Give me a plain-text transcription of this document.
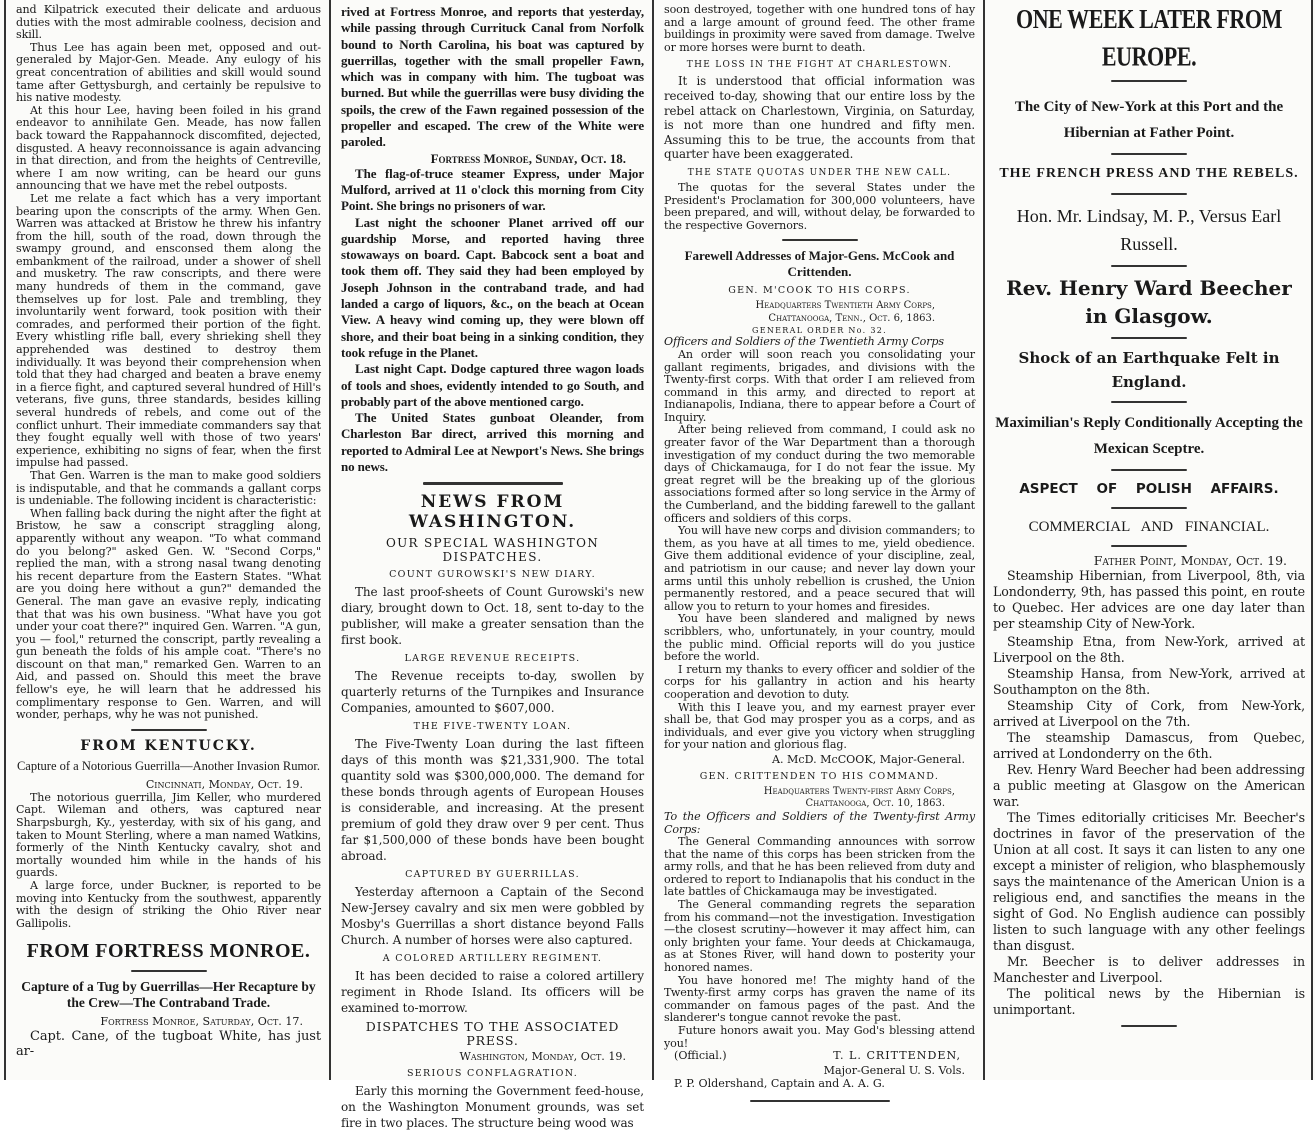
and Kilpatrick executed their delicate and arduous duties with the most admirable coolness, decision and skill.

Thus Lee has again been met, opposed and out-generaled by Major-Gen. Meade. Any eulogy of his great concentration of abilities and skill would sound tame after Gettysburgh, and certainly be repulsive to his native modesty.

At this hour Lee, having been foiled in his grand endeavor to annihilate Gen. Meade, has now fallen back toward the Rappahannock discomfited, dejected, disgusted. A heavy reconnoissance is again advancing in that direction, and from the heights of Centreville, where I am now writing, can be heard our guns announcing that we have met the rebel outposts.

Let me relate a fact which has a very important bearing upon the conscripts of the army. When Gen. Warren was attacked at Bristow he threw his infantry from the hill, south of the road, down through the swampy ground, and ensconsed them along the embankment of the railroad, under a shower of shell and musketry. The raw conscripts, and there were many hundreds of them in the command, gave themselves up for lost. Pale and trembling, they involuntarily went forward, took position with their comrades, and performed their portion of the fight. Every whistling rifle ball, every shrieking shell they apprehended was destined to destroy them individually. It was beyond their comprehension when told that they had charged and beaten a brave enemy in a fierce fight, and captured several hundred of Hill's veterans, five guns, three standards, besides killing several hundreds of rebels, and come out of the conflict unhurt. Their immediate commanders say that they fought equally well with those of two years' experience, exhibiting no signs of fear, when the first impulse had passed.

That Gen. Warren is the man to make good soldiers is indisputable, and that he commands a gallant corps is undeniable. The following incident is characteristic:

When falling back during the night after the fight at Bristow, he saw a conscript straggling along, apparently without any weapon. "To what command do you belong?" asked Gen. W. "Second Corps," replied the man, with a strong nasal twang denoting his recent departure from the Eastern States. "What are you doing here without a gun?" demanded the General. The man gave an evasive reply, indicating that that was his own business. "What have you got under your coat there?" inquired Gen. Warren. "A gun, you — fool," returned the conscript, partly revealing a gun beneath the folds of his ample coat. "There's no discount on that man," remarked Gen. Warren to an Aid, and passed on. Should this meet the brave fellow's eye, he will learn that he addressed his complimentary response to Gen. Warren, and will wonder, perhaps, why he was not punished.

FROM KENTUCKY.
Capture of a Notorious Guerrilla—Another Invasion Rumor.
Cincinnati, Monday, Oct. 19.

The notorious guerrilla, Jim Keller, who murdered Capt. Wileman and others, was captured near Sharpsburgh, Ky., yesterday, with six of his gang, and taken to Mount Sterling, where a man named Watkins, formerly of the Ninth Kentucky cavalry, shot and mortally wounded him while in the hands of his guards.

A large force, under Buckner, is reported to be moving into Kentucky from the southwest, apparently with the design of striking the Ohio River near Gallipolis.

FROM FORTRESS MONROE.
Capture of a Tug by Guerrillas—Her Recapture by the Crew—The Contraband Trade.
Fortress Monroe, Saturday, Oct. 17.

Capt. Cane, of the tugboat White, has just ar-

rived at Fortress Monroe, and reports that yesterday, while passing through Currituck Canal from Norfolk bound to North Carolina, his boat was captured by guerrillas, together with the small propeller Fawn, which was in company with him. The tugboat was burned. But while the guerrillas were busy dividing the spoils, the crew of the Fawn regained possession of the propeller and escaped. The crew of the White were paroled.

Fortress Monroe, Sunday, Oct. 18.

The flag-of-truce steamer Express, under Major Mulford, arrived at 11 o'clock this morning from City Point. She brings no prisoners of war.

Last night the schooner Planet arrived off our guardship Morse, and reported having three stowaways on board. Capt. Babcock sent a boat and took them off. They said they had been employed by Joseph Johnson in the contraband trade, and had landed a cargo of liquors, &c., on the beach at Ocean View. A heavy wind coming up, they were blown off shore, and their boat being in a sinking condition, they took refuge in the Planet.

Last night Capt. Dodge captured three wagon loads of tools and shoes, evidently intended to go South, and probably part of the above mentioned cargo.

The United States gunboat Oleander, from Charleston Bar direct, arrived this morning and reported to Admiral Lee at Newport's News. She brings no news.

NEWS FROM WASHINGTON.
OUR SPECIAL WASHINGTON DISPATCHES.
COUNT GUROWSKI'S NEW DIARY.

The last proof-sheets of Count Gurowski's new diary, brought down to Oct. 18, sent to-day to the publisher, will make a greater sensation than the first book.

LARGE REVENUE RECEIPTS.

The Revenue receipts to-day, swollen by quarterly returns of the Turnpikes and Insurance Companies, amounted to $607,000.

THE FIVE-TWENTY LOAN.

The Five-Twenty Loan during the last fifteen days of this month was $21,331,900. The total quantity sold was $300,000,000. The demand for these bonds through agents of European Houses is considerable, and increasing. At the present premium of gold they draw over 9 per cent. Thus far $1,500,000 of these bonds have been bought abroad.

CAPTURED BY GUERRILLAS.

Yesterday afternoon a Captain of the Second New-Jersey cavalry and six men were gobbled by Mosby's Guerrillas a short distance beyond Falls Church. A number of horses were also captured.

A COLORED ARTILLERY REGIMENT.

It has been decided to raise a colored artillery regiment in Rhode Island. Its officers will be examined to-morrow.

DISPATCHES TO THE ASSOCIATED PRESS.
Washington, Monday, Oct. 19.
SERIOUS CONFLAGRATION.

Early this morning the Government feed-house, on the Washington Monument grounds, was set fire in two places. The structure being wood was

soon destroyed, together with one hundred tons of hay and a large amount of ground feed. The other frame buildings in proximity were saved from damage. Twelve or more horses were burnt to death.

THE LOSS IN THE FIGHT AT CHARLESTOWN.

It is understood that official information was received to-day, showing that our entire loss by the rebel attack on Charlestown, Virginia, on Saturday, is not more than one hundred and fifty men. Assuming this to be true, the accounts from that quarter have been exaggerated.

THE STATE QUOTAS UNDER THE NEW CALL.

The quotas for the several States under the President's Proclamation for 300,000 volunteers, have been prepared, and will, without delay, be forwarded to the respective Governors.

Farewell Addresses of Major-Gens. McCook and Crittenden.
GEN. M'COOK TO HIS CORPS.
Headquarters Twentieth Army Corps,
Chattanooga, Tenn., Oct. 6, 1863.
GENERAL ORDER No. 32.

Officers and Soldiers of the Twentieth Army Corps

An order will soon reach you consolidating your gallant regiments, brigades, and divisions with the Twenty-first corps. With that order I am relieved from command in this army, and directed to report at Indianapolis, Indiana, there to appear before a Court of Inquiry.

After being relieved from command, I could ask no greater favor of the War Department than a thorough investigation of my conduct during the two memorable days of Chickamauga, for I do not fear the issue. My great regret will be the breaking up of the glorious associations formed after so long service in the Army of the Cumberland, and the bidding farewell to the gallant officers and soldiers of this corps.

You will have new corps and division commanders; to them, as you have at all times to me, yield obedience. Give them additional evidence of your discipline, zeal, and patriotism in our cause; and never lay down your arms until this unholy rebellion is crushed, the Union permanently restored, and a peace secured that will allow you to return to your homes and firesides.

You have been slandered and maligned by news scribblers, who, unfortunately, in your country, mould the public mind. Official reports will do you justice before the world.

I return my thanks to every officer and soldier of the corps for his gallantry in action and his hearty cooperation and devotion to duty.

With this I leave you, and my earnest prayer ever shall be, that God may prosper you as a corps, and as individuals, and ever give you victory when struggling for your nation and glorious flag.

A. McD. McCOOK, Major-General.
GEN. CRITTENDEN TO HIS COMMAND.
Headquarters Twenty-first Army Corps,
Chattanooga, Oct. 10, 1863.

To the Officers and Soldiers of the Twenty-first Army Corps:

The General Commanding announces with sorrow that the name of this corps has been stricken from the army rolls, and that he has been relieved from duty and ordered to report to Indianapolis that his conduct in the late battles of Chickamauga may be investigated.

The General commanding regrets the separation from his command—not the investigation. Investigation—the closest scrutiny—however it may affect him, can only brighten your fame. Your deeds at Chickamauga, as at Stones River, will hand down to posterity your honored names.

You have honored me! The mighty hand of the Twenty-first army corps has graven the name of its commander on famous pages of the past. And the slanderer's tongue cannot revoke the past.

Future honors await you. May God's blessing attend you!

(Official.)	T. L. CRITTENDEN,
Major-General U. S. Vols.

P. P. Oldershand, Captain and A. A. G.

ONE WEEK LATER FROM EUROPE.
The City of New-York at this Port and the Hibernian at Father Point.
THE FRENCH PRESS AND THE REBELS.
Hon. Mr. Lindsay, M. P., Versus Earl Russell.
Rev. Henry Ward Beecher in Glasgow.
Shock of an Earthquake Felt in England.
Maximilian's Reply Conditionally Accepting the Mexican Sceptre.
ASPECT OF POLISH AFFAIRS.
COMMERCIAL AND FINANCIAL.
Father Point, Monday, Oct. 19.

Steamship Hibernian, from Liverpool, 8th, via Londonderry, 9th, has passed this point, en route to Quebec. Her advices are one day later than per steamship City of New-York.

Steamship Etna, from New-York, arrived at Liverpool on the 8th.

Steamship Hansa, from New-York, arrived at Southampton on the 8th.

Steamship City of Cork, from New-York, arrived at Liverpool on the 7th.

The steamship Damascus, from Quebec, arrived at Londonderry on the 6th.

Rev. Henry Ward Beecher had been addressing a public meeting at Glasgow on the American war.

The Times editorially criticises Mr. Beecher's doctrines in favor of the preservation of the Union at all cost. It says it can listen to any one except a minister of religion, who blasphemously says the maintenance of the American Union is a religious end, and sanctifies the means in the sight of God. No English audience can possibly listen to such language with any other feelings than disgust.

Mr. Beecher is to deliver addresses in Manchester and Liverpool.

The political news by the Hibernian is unimportant.
